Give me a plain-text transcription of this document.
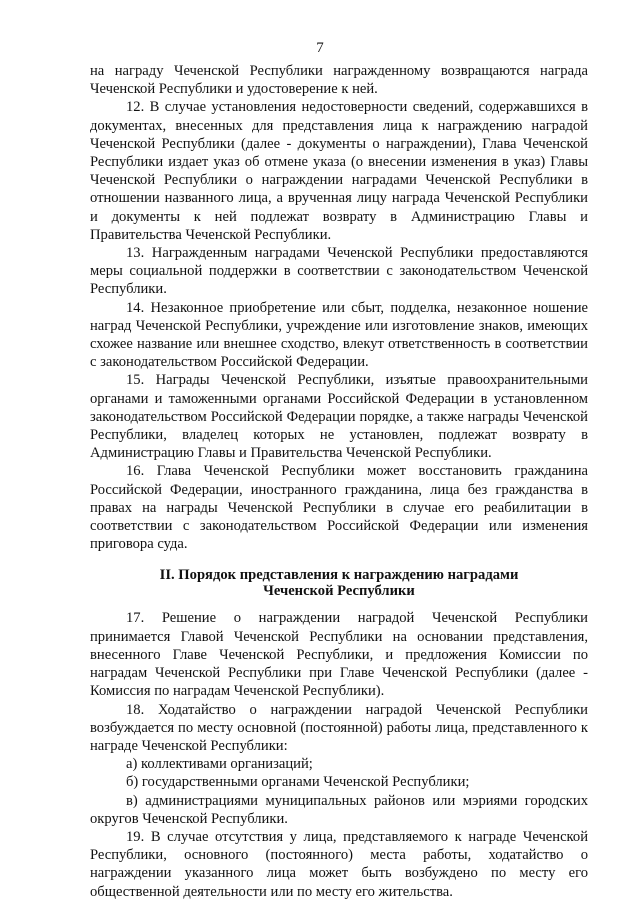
7

на награду Чеченской Республики награжденному возвращаются награда Чеченской Республики и удостоверение к ней.

12. В случае установления недостоверности сведений, содержавшихся в документах, внесенных для представления лица к награждению наградой Чеченской Республики (далее - документы о награждении), Глава Чеченской Республики издает указ об отмене указа (о внесении изменения в указ) Главы Чеченской Республики о награждении наградами Чеченской Республики в отношении названного лица, а врученная лицу награда Чеченской Республики и документы к ней подлежат возврату в Администрацию Главы и Правительства Чеченской Республики.

13. Награжденным наградами Чеченской Республики предоставляются меры социальной поддержки в соответствии с законодательством Чеченской Республики.

14. Незаконное приобретение или сбыт, подделка, незаконное ношение наград Чеченской Республики, учреждение или изготовление знаков, имеющих схожее название или внешнее сходство, влекут ответственность в соответствии с законодательством Российской Федерации.

15. Награды Чеченской Республики, изъятые правоохранительными органами и таможенными органами Российской Федерации в установленном законодательством Российской Федерации порядке, а также награды Чеченской Республики, владелец которых не установлен, подлежат возврату в Администрацию Главы и Правительства Чеченской Республики.

16. Глава Чеченской Республики может восстановить гражданина Российской Федерации, иностранного гражданина, лица без гражданства в правах на награды Чеченской Республики в случае его реабилитации в соответствии с законодательством Российской Федерации или изменения приговора суда.

II. Порядок представления к награждению наградами
Чеченской Республики

17. Решение о награждении наградой Чеченской Республики принимается Главой Чеченской Республики на основании представления, внесенного Главе Чеченской Республики, и предложения Комиссии по наградам Чеченской Республики при Главе Чеченской Республики (далее - Комиссия по наградам Чеченской Республики).

18. Ходатайство о награждении наградой Чеченской Республики возбуждается по месту основной (постоянной) работы лица, представленного к награде Чеченской Республики:

а) коллективами организаций;

б) государственными органами Чеченской Республики;

в) администрациями муниципальных районов или мэриями городских округов Чеченской Республики.

19. В случае отсутствия у лица, представляемого к награде Чеченской Республики, основного (постоянного) места работы, ходатайство о награждении указанного лица может быть возбуждено по месту его общественной деятельности или по месту его жительства.
